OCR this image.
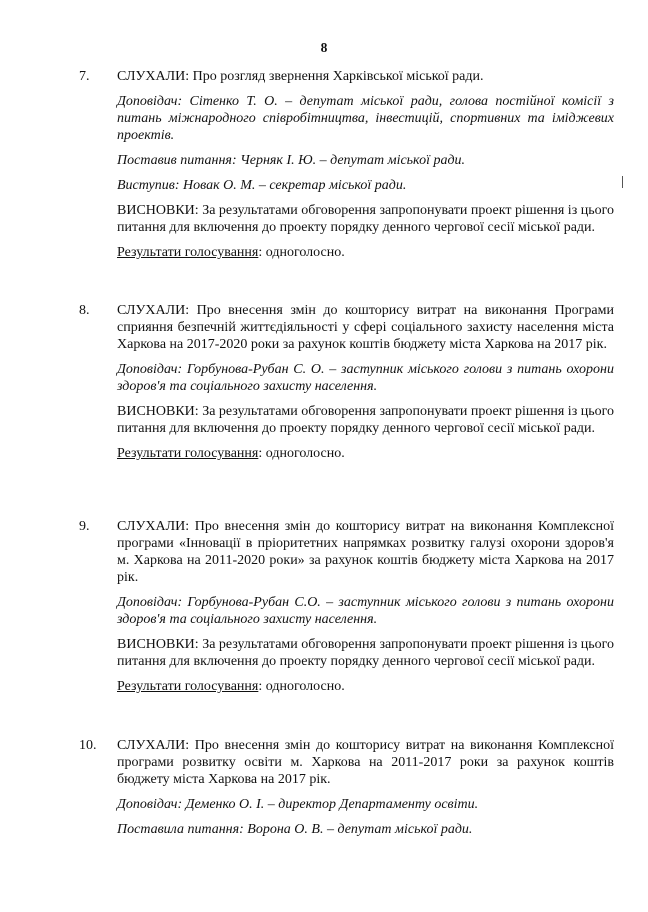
8
7. СЛУХАЛИ: Про розгляд звернення Харківської міської ради.

Доповідач: Сітенко Т. О. – депутат міської ради, голова постійної комісії з питань міжнародного співробітництва, інвестицій, спортивних та іміджевих проектів.

Поставив питання: Черняк І. Ю. – депутат міської ради.

Виступив: Новак О. М. – секретар міської ради.

ВИСНОВКИ: За результатами обговорення запропонувати проект рішення із цього питання для включення до проекту порядку денного чергової сесії міської ради.

Результати голосування: одноголосно.

8. СЛУХАЛИ: Про внесення змін до кошторису витрат на виконання Програми сприяння безпечній життєдіяльності у сфері соціального захисту населення міста Харкова на 2017-2020 роки за рахунок коштів бюджету міста Харкова на 2017 рік.

Доповідач: Горбунова-Рубан С. О. – заступник міського голови з питань охорони здоров'я та соціального захисту населення.

ВИСНОВКИ: За результатами обговорення запропонувати проект рішення із цього питання для включення до проекту порядку денного чергової сесії міської ради.

Результати голосування: одноголосно.

9. СЛУХАЛИ: Про внесення змін до кошторису витрат на виконання Комплексної програми «Інновації в пріоритетних напрямках розвитку галузі охорони здоров'я м. Харкова на 2011-2020 роки» за рахунок коштів бюджету міста Харкова на 2017 рік.

Доповідач: Горбунова-Рубан С.О. – заступник міського голови з питань охорони здоров'я та соціального захисту населення.

ВИСНОВКИ: За результатами обговорення запропонувати проект рішення із цього питання для включення до проекту порядку денного чергової сесії міської ради.

Результати голосування: одноголосно.

10. СЛУХАЛИ: Про внесення змін до кошторису витрат на виконання Комплексної програми розвитку освіти м. Харкова на 2011-2017 роки за рахунок коштів бюджету міста Харкова на 2017 рік.

Доповідач: Деменко О. І. – директор Департаменту освіти.

Поставила питання: Ворона О. В. – депутат міської ради.
